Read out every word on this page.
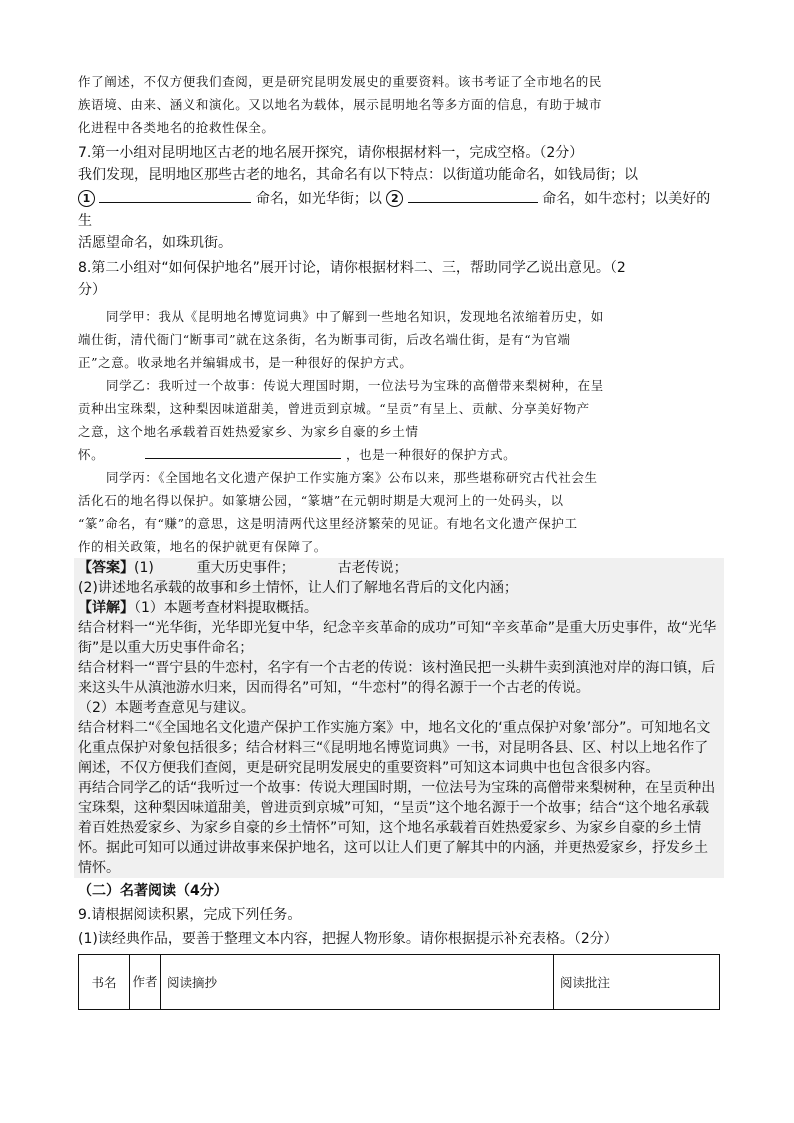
作了阐述，不仅方便我们查阅，更是研究昆明发展史的重要资料。该书考证了全市地名的民

族语境、由来、涵义和演化。又以地名为载体，展示昆明地名等多方面的信息，有助于城市

化进程中各类地名的抢救性保全。

7.第一小组对昆明地区古老的地名展开探究，请你根据材料一，完成空格。（2分）

我们发现，昆明地区那些古老的地名，其命名有以下特点：以街道功能命名，如钱局街；以

1	命名，如光华街；以 2	命名，如牛恋村；以美好的生

活愿望命名，如珠玑街。

8.第二小组对“如何保护地名”展开讨论，请你根据材料二、三，帮助同学乙说出意见。（2

分）

同学甲：我从《昆明地名博览词典》中了解到一些地名知识，发现地名浓缩着历史，如

端仕街，清代衙门“断事司”就在这条街，名为断事司街，后改名端仕街，是有“为官端

正”之意。收录地名并编辑成书，是一种很好的保护方式。

同学乙：我听过一个故事：传说大理国时期，一位法号为宝珠的高僧带来梨树种，在呈

贡种出宝珠梨，这种梨因味道甜美，曾进贡到京城。“呈贡”有呈上、贡献、分享美好物产

之意，这个地名承载着百姓热爱家乡、为家乡自豪的乡土情

怀。	，也是一种很好的保护方式。

同学丙：《全国地名文化遗产保护工作实施方案》公布以来，那些堪称研究古代社会生

活化石的地名得以保护。如篆塘公园，“篆塘”在元朝时期是大观河上的一处码头，以

“篆”命名，有“赚”的意思，这是明清两代这里经济繁荣的见证。有地名文化遗产保护工

作的相关政策，地名的保护就更有保障了。

【答案】(1)	重大历史事件；	古老传说；

(2)讲述地名承载的故事和乡土情怀，让人们了解地名背后的文化内涵；

【详解】（1）本题考查材料提取概括。

结合材料一“光华街，光华即光复中华，纪念辛亥革命的成功”可知“辛亥革命”是重大历史事件，故“光华街”是以重大历史事件命名；

结合材料一“晋宁县的牛恋村，名字有一个古老的传说：该村渔民把一头耕牛卖到滇池对岸的海口镇，后来这头牛从滇池游水归来，因而得名”可知，“牛恋村”的得名源于一个古老的传说。

（2）本题考查意见与建议。

结合材料二“《全国地名文化遗产保护工作实施方案》中，地名文化的‘重点保护对象’部分”。可知地名文化重点保护对象包括很多；结合材料三“《昆明地名博览词典》一书，对昆明各县、区、村以上地名作了阐述，不仅方便我们查阅，更是研究昆明发展史的重要资料”可知这本词典中也包含很多内容。

再结合同学乙的话“我听过一个故事：传说大理国时期，一位法号为宝珠的高僧带来梨树种，在呈贡种出宝珠梨，这种梨因味道甜美，曾进贡到京城”可知，“呈贡”这个地名源于一个故事；结合“这个地名承载着百姓热爱家乡、为家乡自豪的乡土情怀”可知，这个地名承载着百姓热爱家乡、为家乡自豪的乡土情怀。据此可知可以通过讲故事来保护地名，这可以让人们更了解其中的内涵，并更热爱家乡，抒发乡土情怀。

（二）名著阅读（4分）

9.请根据阅读积累，完成下列任务。

(1)读经典作品，要善于整理文本内容，把握人物形象。请你根据提示补充表格。（2分）

书名	作者	阅读摘抄	阅读批注
